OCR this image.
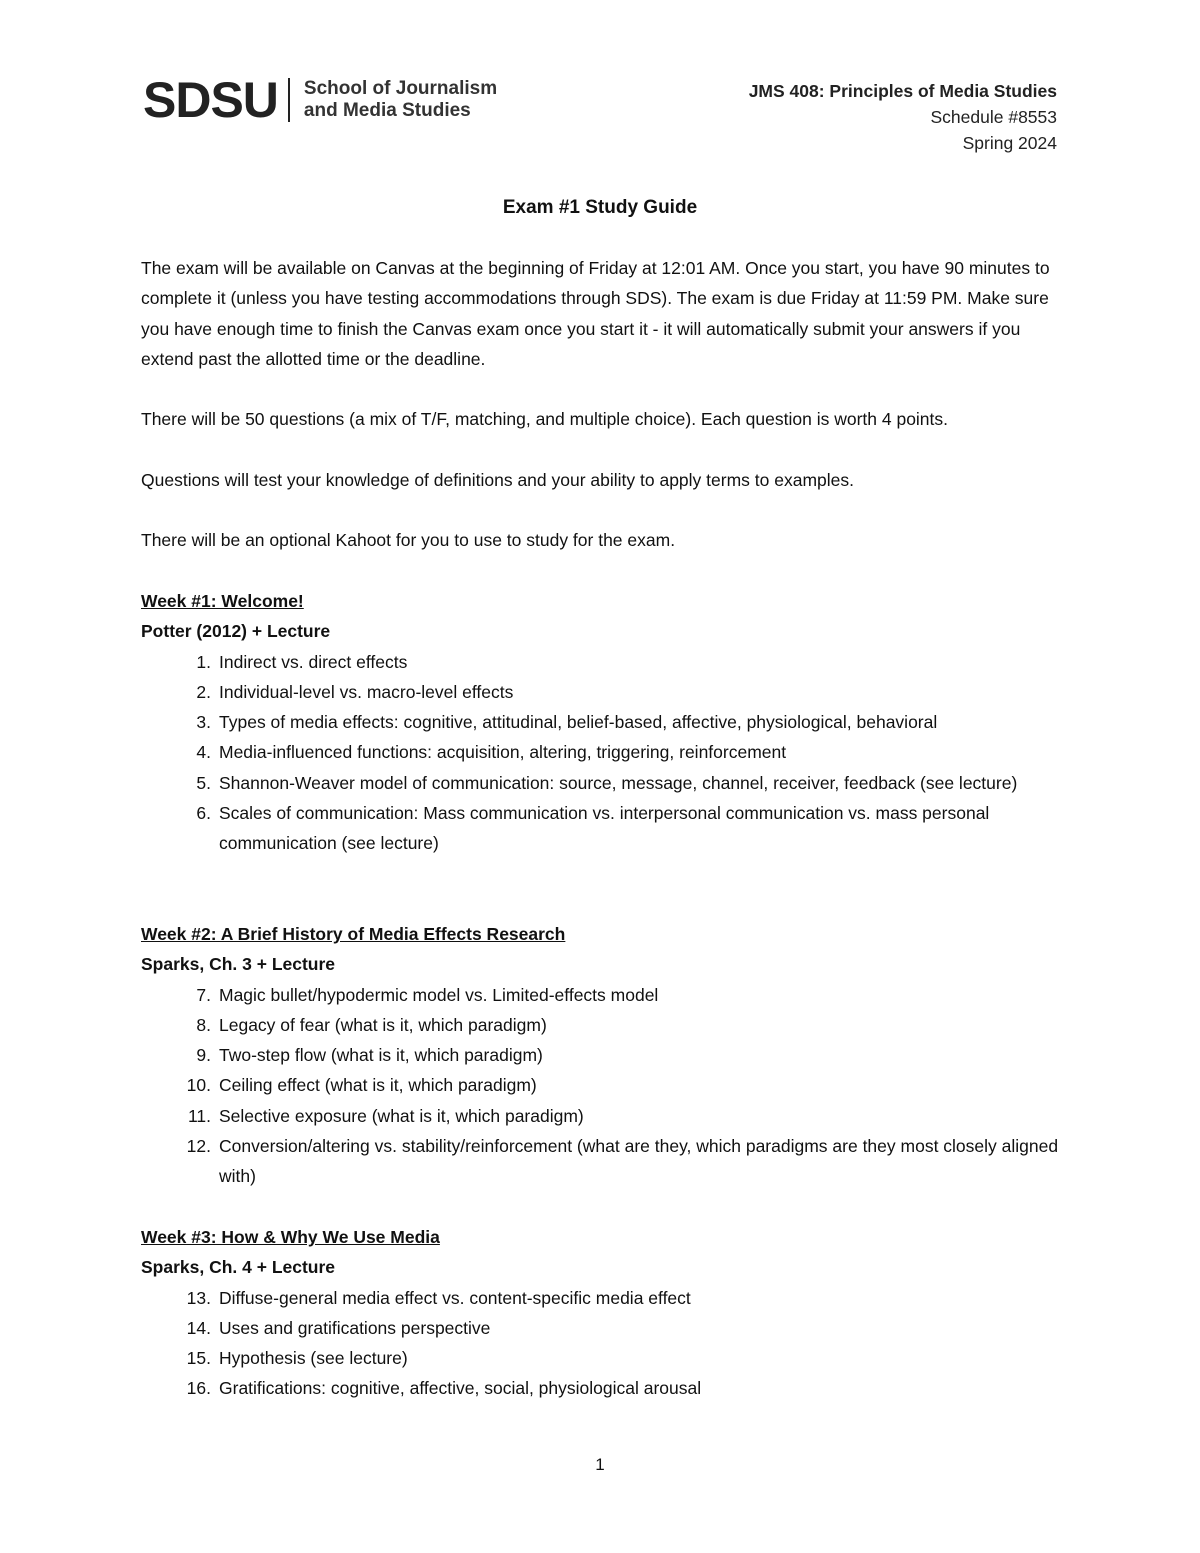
SDSU School of Journalism
and Media Studies
JMS 408: Principles of Media Studies
Schedule #8553
Spring 2024
Exam #1 Study Guide
The exam will be available on Canvas at the beginning of Friday at 12:01 AM. Once you start, you have 90 minutes to complete it (unless you have testing accommodations through SDS). The exam is due Friday at 11:59 PM. Make sure you have enough time to finish the Canvas exam once you start it - it will automatically submit your answers if you extend past the allotted time or the deadline.
There will be 50 questions (a mix of T/F, matching, and multiple choice). Each question is worth 4 points.
Questions will test your knowledge of definitions and your ability to apply terms to examples.
There will be an optional Kahoot for you to use to study for the exam.
Week #1: Welcome!
Potter (2012) + Lecture
1. Indirect vs. direct effects
2. Individual-level vs. macro-level effects
3. Types of media effects: cognitive, attitudinal, belief-based, affective, physiological, behavioral
4. Media-influenced functions: acquisition, altering, triggering, reinforcement
5. Shannon-Weaver model of communication: source, message, channel, receiver, feedback (see lecture)
6. Scales of communication: Mass communication vs. interpersonal communication vs. mass personal communication (see lecture)
Week #2: A Brief History of Media Effects Research
Sparks, Ch. 3 + Lecture
7. Magic bullet/hypodermic model vs. Limited-effects model
8. Legacy of fear (what is it, which paradigm)
9. Two-step flow (what is it, which paradigm)
10. Ceiling effect (what is it, which paradigm)
11. Selective exposure (what is it, which paradigm)
12. Conversion/altering vs. stability/reinforcement (what are they, which paradigms are they most closely aligned with)
Week #3: How & Why We Use Media
Sparks, Ch. 4 + Lecture
13. Diffuse-general media effect vs. content-specific media effect
14. Uses and gratifications perspective
15. Hypothesis (see lecture)
16. Gratifications: cognitive, affective, social, physiological arousal
1
